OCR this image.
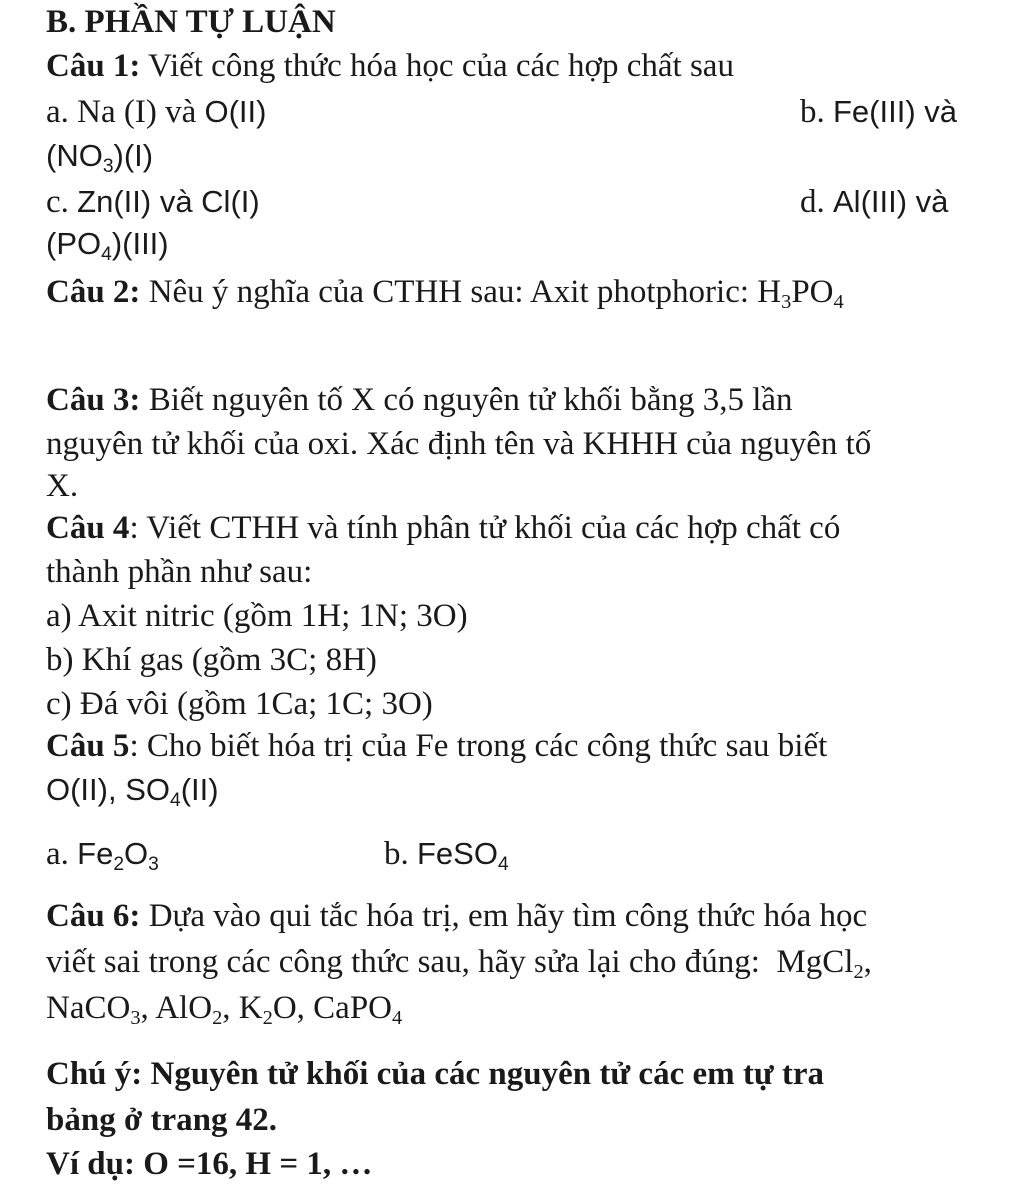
B. PHẦN TỰ LUẬN
Câu 1: Viết công thức hóa học của các hợp chất sau
a. Na (I) và O(II)	b. Fe(III) và
$(NO_3)(I)$
c. Zn(II) và Cl(I)	d. Al(III) và
$(PO_4)(III)$
Câu 2: Nêu ý nghĩa của CTHH sau: Axit photphoric: $H_3PO_4$
Câu 3: Biết nguyên tố X có nguyên tử khối bằng 3,5 lần
nguyên tử khối của oxi. Xác định tên và KHHH của nguyên tố
X.
Câu 4: Viết CTHH và tính phân tử khối của các hợp chất có
thành phần như sau:
a) Axit nitric (gồm 1H; 1N; 3O)
b) Khí gas (gồm 3C; 8H)
c) Đá vôi (gồm 1Ca; 1C; 3O)
Câu 5: Cho biết hóa trị của Fe trong các công thức sau biết
O(II), $SO_4(II)$
a. $Fe_2O_3$	b. FeSO$_4$
Câu 6: Dựa vào qui tắc hóa trị, em hãy tìm công thức hóa học
viết sai trong các công thức sau, hãy sửa lại cho đúng:  MgCl$_2$,
NaCO$_3$, AlO$_2$, $K_2O$, CaPO$_4$
Chú ý: Nguyên tử khối của các nguyên tử các em tự tra
bảng ở trang 42.
Ví dụ: O =16, H = 1, …
